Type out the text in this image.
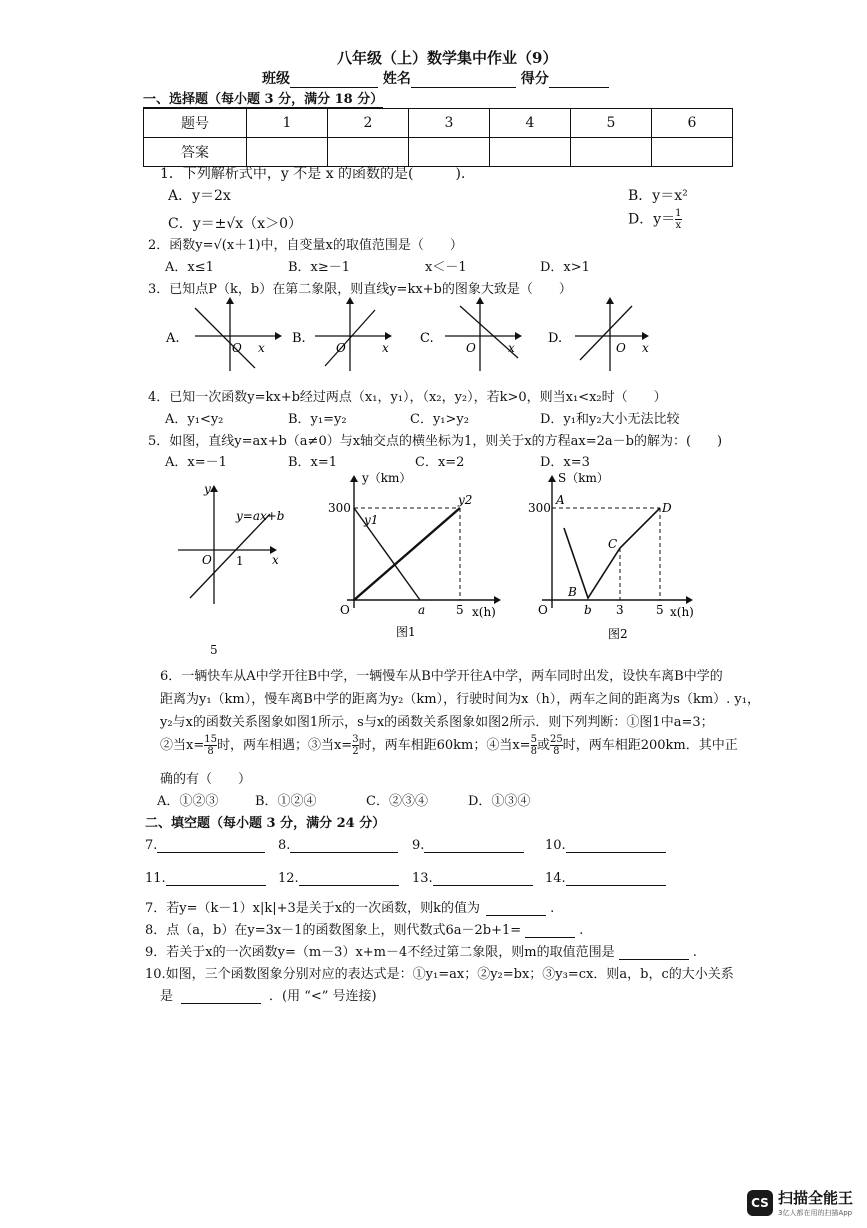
八年级（上）数学集中作业（9）
班级	姓名	得分
一、选择题（每小题 3 分，满分 18 分）
题号	1	2	3	4	5	6
答案						
1．下列解析式中，y 不是 x 的函数的是(　　　)．
A．y＝2x	B．y＝x²
C．y＝±√x（x＞0）	D．$y= \frac{1}{x}$
2．函数y=√(x＋1)中，自变量x的取值范围是（　　）
A．x≤1	B．x≥－1	x＜－1	D．x>1
3．已知点P（k，b）在第二象限，则直线y=kx+b的图象大致是（　　）
A.
O x
B.
O	x
C.
O	x
D.
O x
4．已知一次函数y=kx+b经过两点（x₁，y₁），（x₂，y₂），若k>0，则当x₁<x₂时（　　）
A．y₁<y₂	B．y₁=y₂	C．y₁>y₂	D．y₁和y₂大小无法比较
5．如图，直线y=ax+b（a≠0）与x轴交点的横坐标为1，则关于x的方程ax=2a－b的解为：(　　)
A．x=－1	B．x=1	C．x=2	D．x=3
y
x
O 1
y=ax+b
5
y（km）
x(h)
300
O	a	5
y1
y2
图1
S（km）
x(h)
300
O
A
B
C
D
b 3	5
图2
6．一辆快车从A中学开往B中学，一辆慢车从B中学开往A中学，两车同时出发，设快车离B中学的
距离为y₁（km），慢车离B中学的距离为y₂（km），行驶时间为x（h），两车之间的距离为s（km）. y₁，
y₂与x的函数关系图象如图1所示，s与x的函数关系图象如图2所示．则下列判断：①图1中a=3；
②当$x= \frac{15}{8}$ 时，两车相遇；③当$x= \frac{3}{2}$ 时，两车相距60km；④当$x= \frac{5}{8}$ 或 $\frac{25}{8}$ 时，两车相距200km．其中正
确的有（　　）
A．①②③	B．①②④	C．②③④	D．①③④
二、填空题（每小题 3 分，满分 24 分）
7.	8.	9.	10.
11.	12.	13.	14.
7．若y=（k－1）x|k|+3是关于x的一次函数，则k的值为	.
8．点（a，b）在y=3x－1的函数图象上，则代数式6a－2b+1=	.
9．若关于x的一次函数y=（m－3）x+m－4不经过第二象限，则m的取值范围是	.
10.如图，三个函数图象分别对应的表达式是：①y₁=ax；②y₂=bx；③y₃=cx．则a，b，c的大小关系
是	．(用 “<” 号连接)
CS 扫描全能王
3亿人都在用的扫描App
